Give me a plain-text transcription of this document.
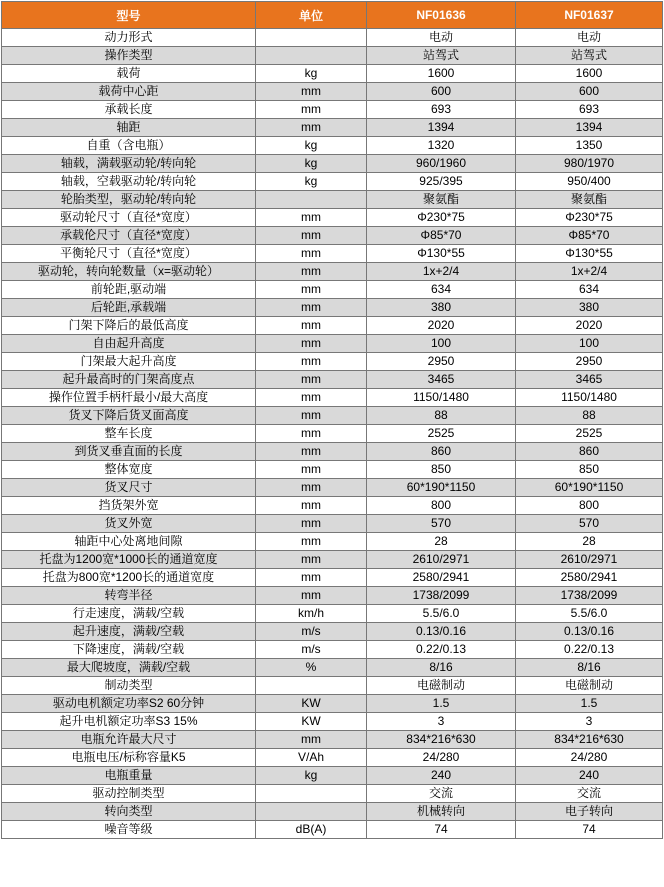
型号	单位	NF01636	NF01637
动力形式		电动	电动
操作类型		站驾式	站驾式
载荷	kg	1600	1600
载荷中心距	mm	600	600
承载长度	mm	693	693
轴距	mm	1394	1394
自重（含电瓶）	kg	1320	1350
轴载，满载驱动轮/转向轮	kg	960/1960	980/1970
轴载，空载驱动轮/转向轮	kg	925/395	950/400
轮胎类型，驱动轮/转向轮		聚氨酯	聚氨酯
驱动轮尺寸（直径*宽度）	mm	Φ230*75	Φ230*75
承载伦尺寸（直径*宽度）	mm	Φ85*70	Φ85*70
平衡轮尺寸（直径*宽度）	mm	Φ130*55	Φ130*55
驱动轮，转向轮数量（x=驱动轮）	mm	1x+2/4	1x+2/4
前轮距,驱动端	mm	634	634
后轮距,承载端	mm	380	380
门架下降后的最低高度	mm	2020	2020
自由起升高度	mm	100	100
门架最大起升高度	mm	2950	2950
起升最高时的门架高度点	mm	3465	3465
操作位置手柄杆最小/最大高度	mm	1150/1480	1150/1480
货叉下降后货叉面高度	mm	88	88
整车长度	mm	2525	2525
到货叉垂直面的长度	mm	860	860
整体宽度	mm	850	850
货叉尺寸	mm	60*190*1150	60*190*1150
挡货架外宽	mm	800	800
货叉外宽	mm	570	570
轴距中心处离地间隙	mm	28	28
托盘为1200宽*1000长的通道宽度	mm	2610/2971	2610/2971
托盘为800宽*1200长的通道宽度	mm	2580/2941	2580/2941
转弯半径	mm	1738/2099	1738/2099
行走速度，满载/空载	km/h	5.5/6.0	5.5/6.0
起升速度，满载/空载	m/s	0.13/0.16	0.13/0.16
下降速度，满载/空载	m/s	0.22/0.13	0.22/0.13
最大爬坡度，满载/空载	%	8/16	8/16
制动类型		电磁制动	电磁制动
驱动电机额定功率S2 60分钟	KW	1.5	1.5
起升电机额定功率S3 15%	KW	3	3
电瓶允许最大尺寸	mm	834*216*630	834*216*630
电瓶电压/标称容量K5	V/Ah	24/280	24/280
电瓶重量	kg	240	240
驱动控制类型		交流	交流
转向类型		机械转向	电子转向
噪音等级	dB(A)	74	74
